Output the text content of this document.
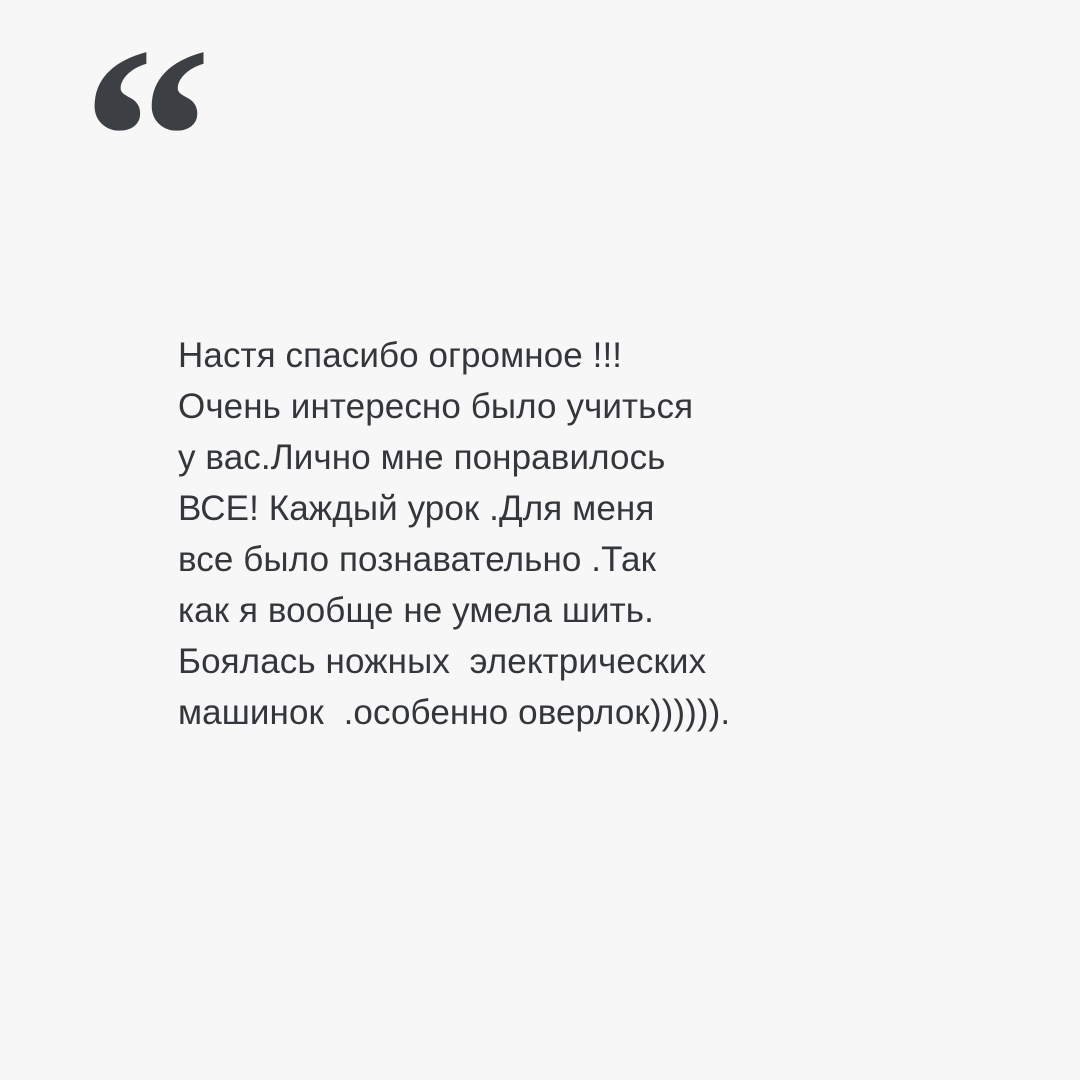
“
Настя спасибо огромное !!!
Очень интересно было учиться
у вас.Лично мне понравилось
ВСЕ! Каждый урок .Для меня
все было познавательно .Так
как я вообще не умела шить.
Боялась ножных  электрических
машинок  .особенно оверлок)))))).
